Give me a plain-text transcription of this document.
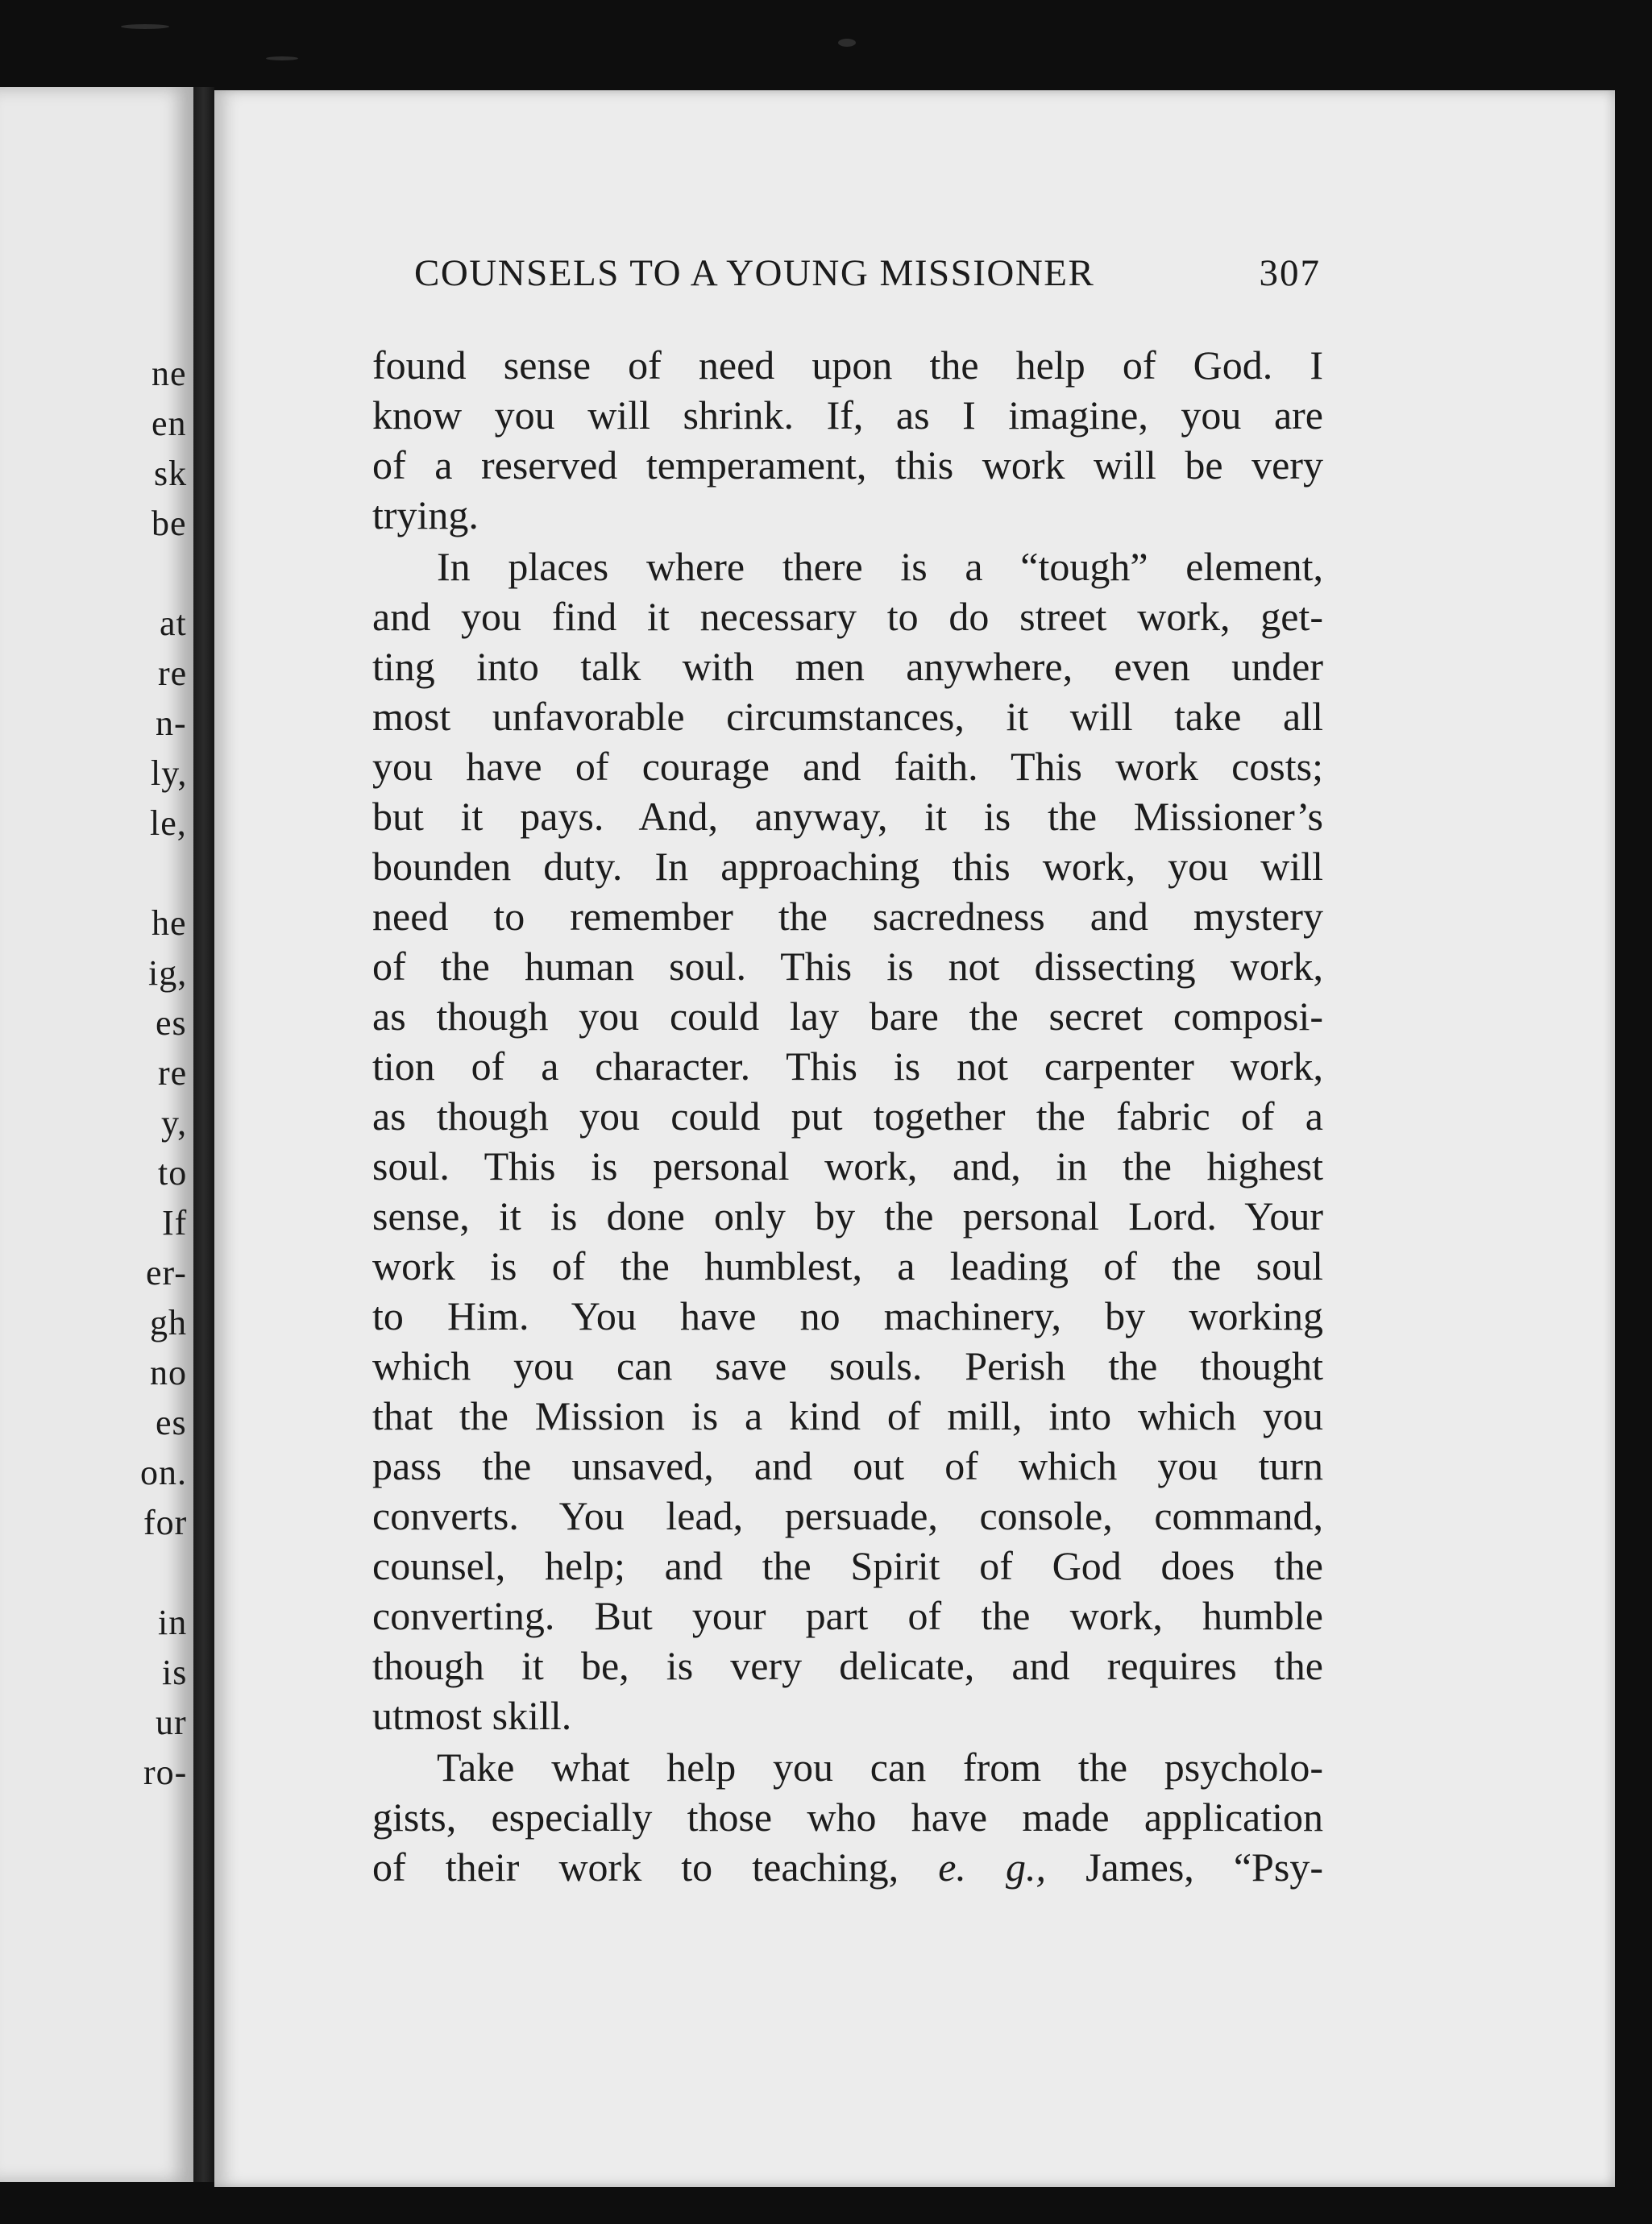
ne
en
sk
be
at
re
n-
ly,
le,
he
ig,
es
re
y,
to
If
er-
gh
no
es
on.
for
in
is
ur
ro-
COUNSELS TO A YOUNG MISSIONER	307
found sense of need upon the help of God. I
know you will shrink. If, as I imagine, you are
of a reserved temperament, this work will be very
trying.
In places where there is a “tough” element,
and you find it necessary to do street work, get-
ting into talk with men anywhere, even under
most unfavorable circumstances, it will take all
you have of courage and faith. This work costs;
but it pays. And, anyway, it is the Missioner’s
bounden duty. In approaching this work, you will
need to remember the sacredness and mystery
of the human soul. This is not dissecting work,
as though you could lay bare the secret composi-
tion of a character. This is not carpenter work,
as though you could put together the fabric of a
soul. This is personal work, and, in the highest
sense, it is done only by the personal Lord. Your
work is of the humblest, a leading of the soul
to Him. You have no machinery, by working
which you can save souls. Perish the thought
that the Mission is a kind of mill, into which you
pass the unsaved, and out of which you turn
converts. You lead, persuade, console, command,
counsel, help; and the Spirit of God does the
converting. But your part of the work, humble
though it be, is very delicate, and requires the
utmost skill.
Take what help you can from the psycholo-
gists, especially those who have made application
of their work to teaching, e. g., James, “Psy-
